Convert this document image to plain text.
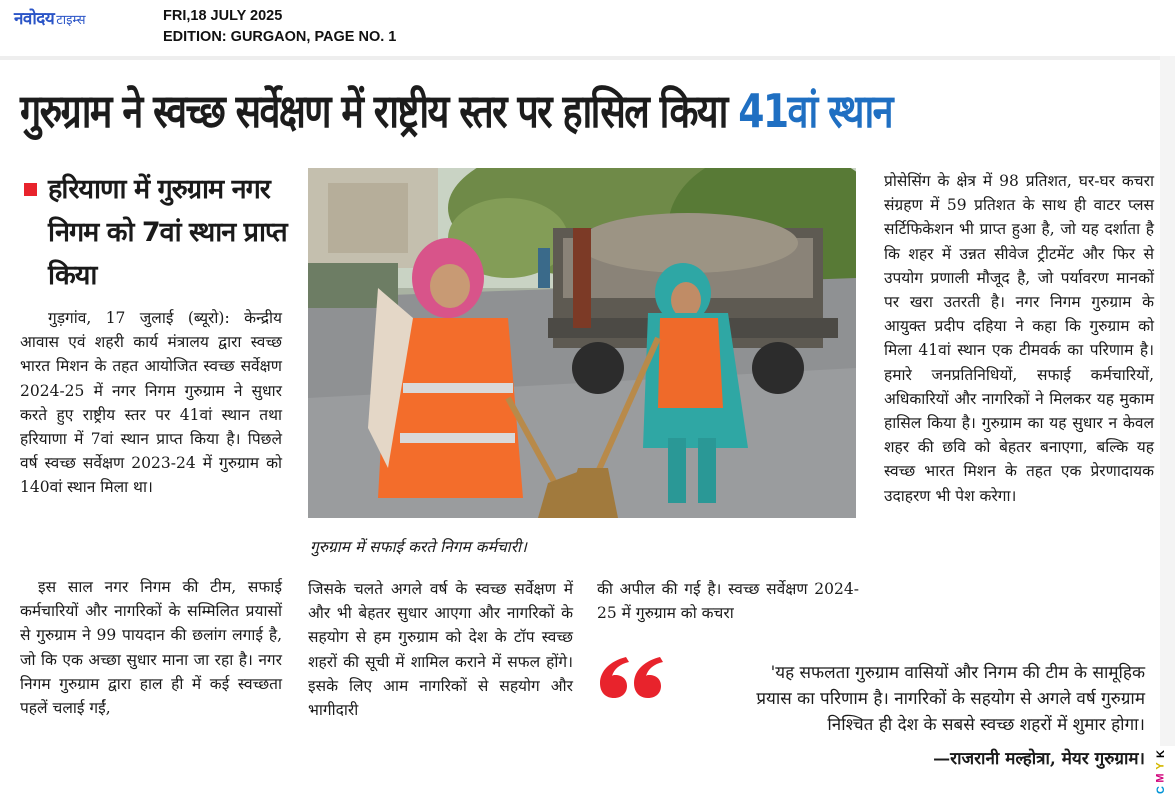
नवोदय टाइम्स	FRI,18 JULY 2025
EDITION: GURGAON, PAGE NO. 1
गुरुग्राम ने स्वच्छ सर्वेक्षण में राष्ट्रीय स्तर पर हासिल किया 41वां स्थान
हरियाणा में गुरुग्राम नगर निगम को 7वां स्थान प्राप्त किया

गुड़गांव, 17 जुलाई (ब्यूरो): केन्द्रीय आवास एवं शहरी कार्य मंत्रालय द्वारा स्वच्छ भारत मिशन के तहत आयोजित स्वच्छ सर्वेक्षण 2024-25 में नगर निगम गुरुग्राम ने सुधार करते हुए राष्ट्रीय स्तर पर 41वां स्थान तथा हरियाणा में 7वां स्थान प्राप्त किया है। पिछले वर्ष स्वच्छ सर्वेक्षण 2023-24 में गुरुग्राम को 140वां स्थान मिला था।

इस साल नगर निगम की टीम, सफाई कर्मचारियों और नागरिकों के सम्मिलित प्रयासों से गुरुग्राम ने 99 पायदान की छलांग लगाई है, जो कि एक अच्छा सुधार माना जा रहा है। नगर निगम गुरुग्राम द्वारा हाल ही में कई स्वच्छता पहलें चलाई गईं,

गुरुग्राम में सफाई करते निगम कर्मचारी।

जिसके चलते अगले वर्ष के स्वच्छ सर्वेक्षण में और भी बेहतर सुधार आएगा और नागरिकों के सहयोग से हम गुरुग्राम को देश के टॉप स्वच्छ शहरों की सूची में शामिल कराने में सफल होंगे। इसके लिए आम नागरिकों से सहयोग और भागीदारी

की अपील की गई है। स्वच्छ सर्वेक्षण 2024-25 में गुरुग्राम को कचरा

प्रोसेसिंग के क्षेत्र में 98 प्रतिशत, घर-घर कचरा संग्रहण में 59 प्रतिशत के साथ ही वाटर प्लस सर्टिफिकेशन भी प्राप्त हुआ है, जो यह दर्शाता है कि शहर में उन्नत सीवेज ट्रीटमेंट और फिर से उपयोग प्रणाली मौजूद है, जो पर्यावरण मानकों पर खरा उतरती है। नगर निगम गुरुग्राम के आयुक्त प्रदीप दहिया ने कहा कि गुरुग्राम को मिला 41वां स्थान एक टीमवर्क का परिणाम है। हमारे जनप्रतिनिधियों, सफाई कर्मचारियों, अधिकारियों और नागरिकों ने मिलकर यह मुकाम हासिल किया है। गुरुग्राम का यह सुधार न केवल शहर की छवि को बेहतर बनाएगा, बल्कि यह स्वच्छ भारत मिशन के तहत एक प्रेरणादायक उदाहरण भी पेश करेगा।

'यह सफलता गुरुग्राम वासियों और निगम की टीम के सामूहिक
प्रयास का परिणाम है। नागरिकों के सहयोग से अगले वर्ष गुरुग्राम
निश्चित ही देश के सबसे स्वच्छ शहरों में शुमार होगा।
—राजरानी मल्होत्रा, मेयर गुरुग्राम। K
Y
M
C
